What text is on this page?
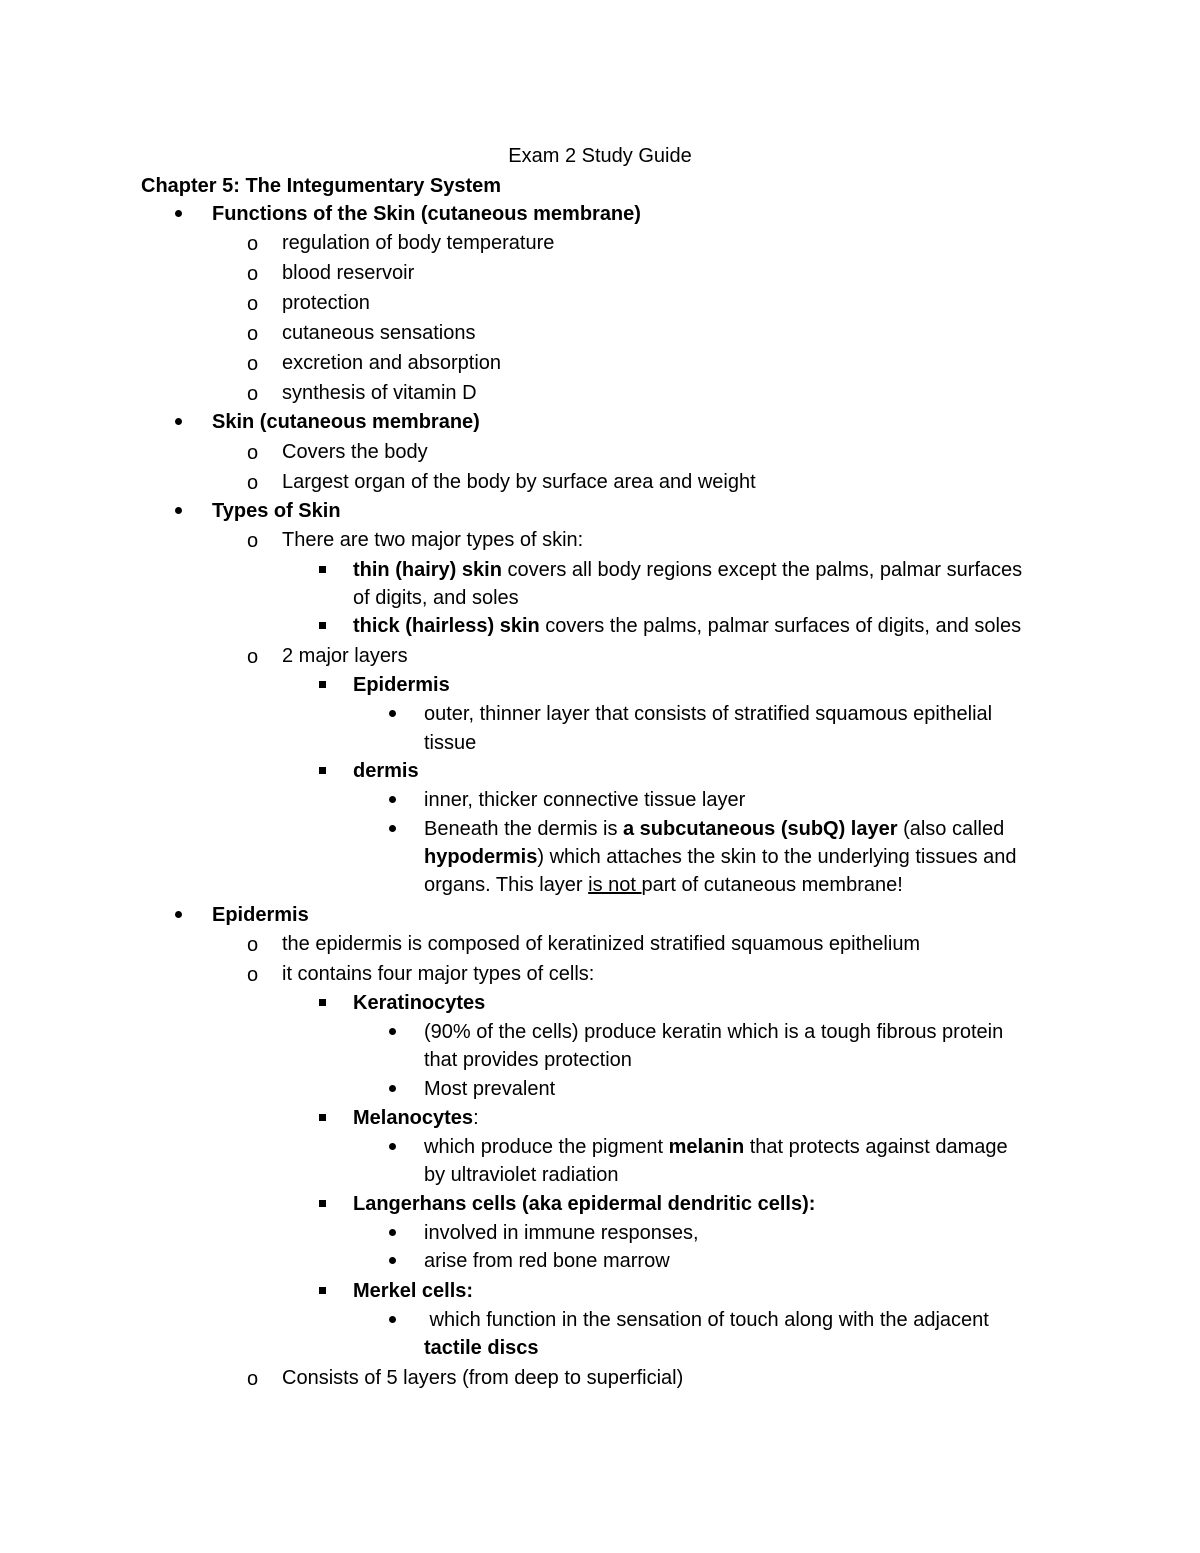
Exam 2 Study Guide
Chapter 5: The Integumentary System
Functions of the Skin (cutaneous membrane)
o regulation of body temperature
o blood reservoir
o protection
o cutaneous sensations
o excretion and absorption
o synthesis of vitamin D
Skin (cutaneous membrane)
o Covers the body
o Largest organ of the body by surface area and weight
Types of Skin
o There are two major types of skin:
thin (hairy) skin covers all body regions except the palms, palmar surfaces
of digits, and soles
thick (hairless) skin covers the palms, palmar surfaces of digits, and soles
o 2 major layers
Epidermis
outer, thinner layer that consists of stratified squamous epithelial
tissue
dermis
inner, thicker connective tissue layer
Beneath the dermis is a subcutaneous (subQ) layer (also called
hypodermis) which attaches the skin to the underlying tissues and
organs. This layer is not part of cutaneous membrane!
Epidermis
o the epidermis is composed of keratinized stratified squamous epithelium
o it contains four major types of cells:
Keratinocytes
(90% of the cells) produce keratin which is a tough fibrous protein
that provides protection
Most prevalent
Melanocytes:
which produce the pigment melanin that protects against damage
by ultraviolet radiation
Langerhans cells (aka epidermal dendritic cells):
involved in immune responses,
arise from red bone marrow
Merkel cells:
which function in the sensation of touch along with the adjacent
tactile discs
o Consists of 5 layers (from deep to superficial)
